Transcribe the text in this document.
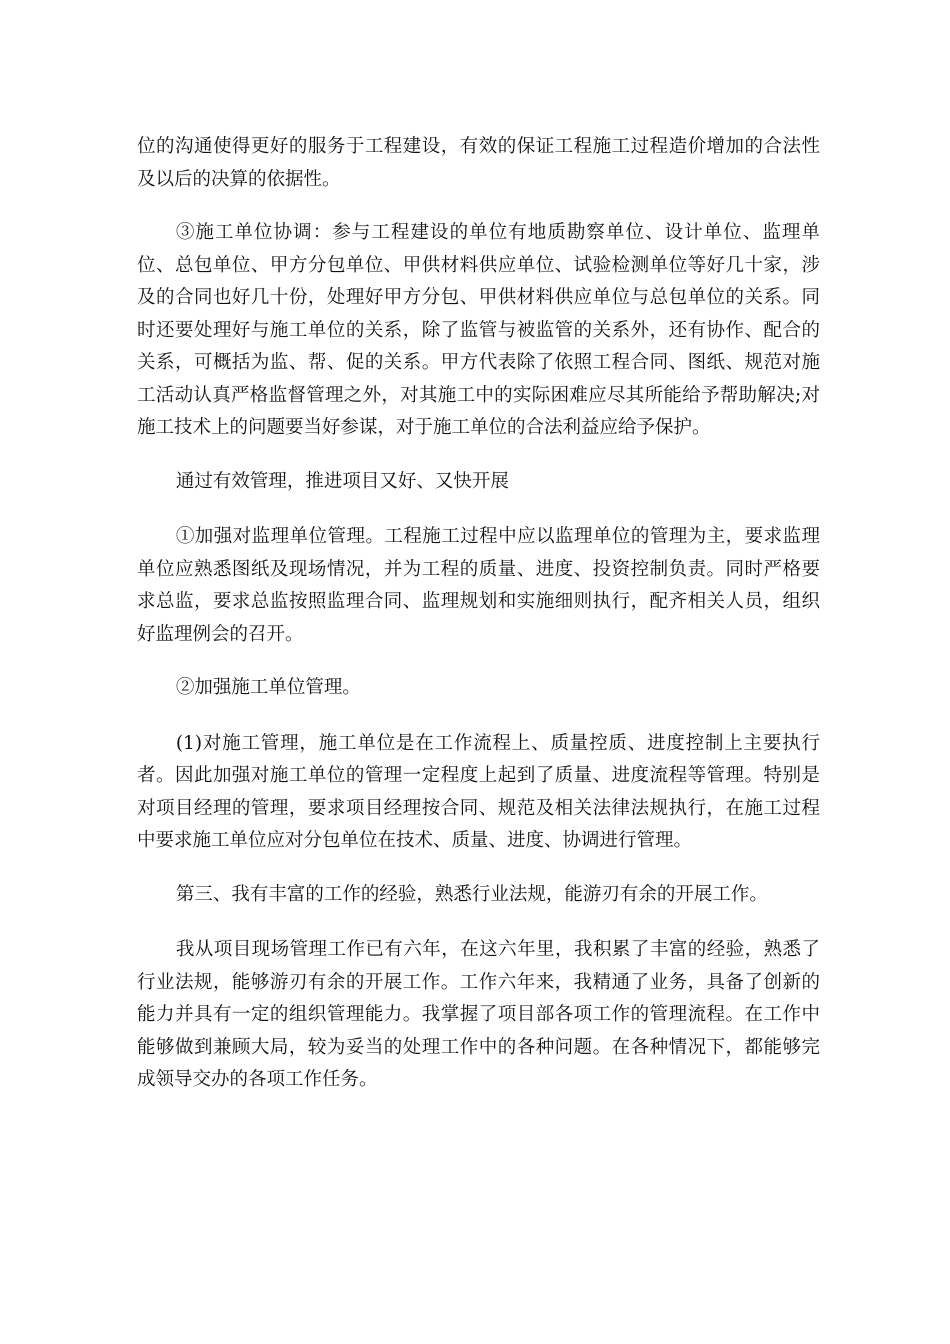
位的沟通使得更好的服务于工程建设，有效的保证工程施工过程造价增加的合法性及以后的决算的依据性。

③施工单位协调：参与工程建设的单位有地质勘察单位、设计单位、监理单位、总包单位、甲方分包单位、甲供材料供应单位、试验检测单位等好几十家，涉及的合同也好几十份，处理好甲方分包、甲供材料供应单位与总包单位的关系。同时还要处理好与施工单位的关系，除了监管与被监管的关系外，还有协作、配合的关系，可概括为监、帮、促的关系。甲方代表除了依照工程合同、图纸、规范对施工活动认真严格监督管理之外，对其施工中的实际困难应尽其所能给予帮助解决;对施工技术上的问题要当好参谋，对于施工单位的合法利益应给予保护。

通过有效管理，推进项目又好、又快开展

①加强对监理单位管理。工程施工过程中应以监理单位的管理为主，要求监理单位应熟悉图纸及现场情况，并为工程的质量、进度、投资控制负责。同时严格要求总监，要求总监按照监理合同、监理规划和实施细则执行，配齐相关人员，组织好监理例会的召开。

②加强施工单位管理。

(1)对施工管理，施工单位是在工作流程上、质量控质、进度控制上主要执行者。因此加强对施工单位的管理一定程度上起到了质量、进度流程等管理。特别是对项目经理的管理，要求项目经理按合同、规范及相关法律法规执行，在施工过程中要求施工单位应对分包单位在技术、质量、进度、协调进行管理。

第三、我有丰富的工作的经验，熟悉行业法规，能游刃有余的开展工作。

我从项目现场管理工作已有六年，在这六年里，我积累了丰富的经验，熟悉了行业法规，能够游刃有余的开展工作。工作六年来，我精通了业务，具备了创新的能力并具有一定的组织管理能力。我掌握了项目部各项工作的管理流程。在工作中能够做到兼顾大局，较为妥当的处理工作中的各种问题。在各种情况下，都能够完成领导交办的各项工作任务。
